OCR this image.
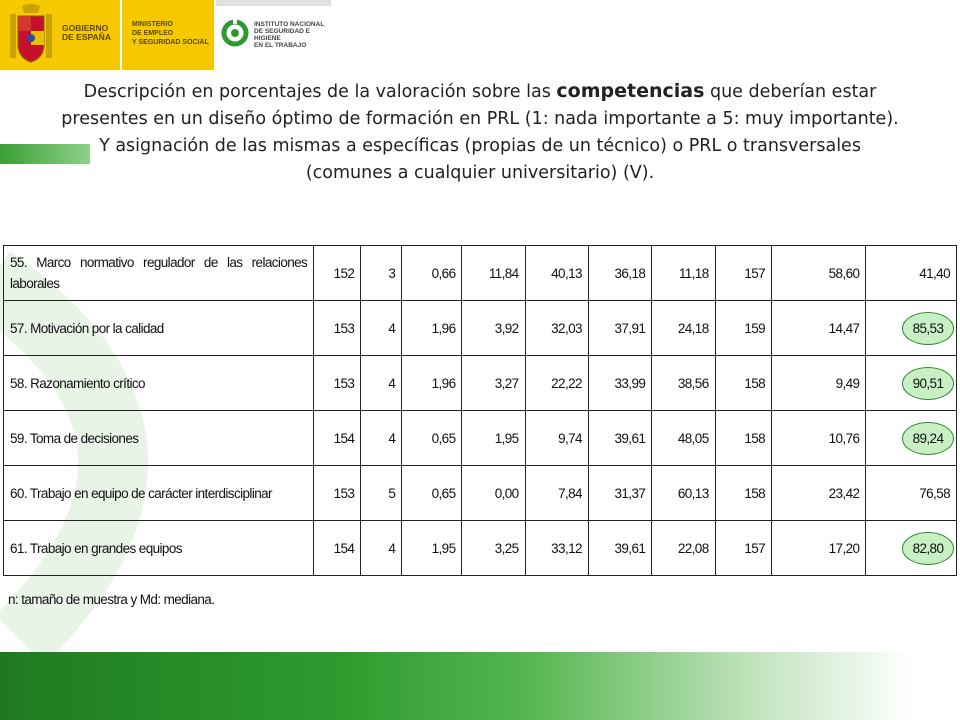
GOBIERNO
DE ESPAÑA
MINISTERIO
DE EMPLEO
Y SEGURIDAD SOCIAL
INSTITUTO NACIONAL
DE SEGURIDAD E HIGIENE
EN EL TRABAJO
Descripción en porcentajes de la valoración sobre las competencias que deberían estar presentes en un diseño óptimo de formación en PRL (1: nada importante a 5: muy importante). Y asignación de las mismas a específicas (propias de un técnico) o PRL o transversales (comunes a cualquier universitario) (V).
55. Marco normativo regulador de las relaciones laborales	152	3	0,66	11,84	40,13	36,18	11,18	157	58,60	41,40
57. Motivación por la calidad	153	4	1,96	3,92	32,03	37,91	24,18	159	14,47	85,53
58. Razonamiento crítico	153	4	1,96	3,27	22,22	33,99	38,56	158	9,49	90,51
59. Toma de decisiones	154	4	0,65	1,95	9,74	39,61	48,05	158	10,76	89,24
60. Trabajo en equipo de carácter interdisciplinar	153	5	0,65	0,00	7,84	31,37	60,13	158	23,42	76,58
61. Trabajo en grandes equipos	154	4	1,95	3,25	33,12	39,61	22,08	157	17,20	82,80
n: tamaño de muestra y Md: mediana.
